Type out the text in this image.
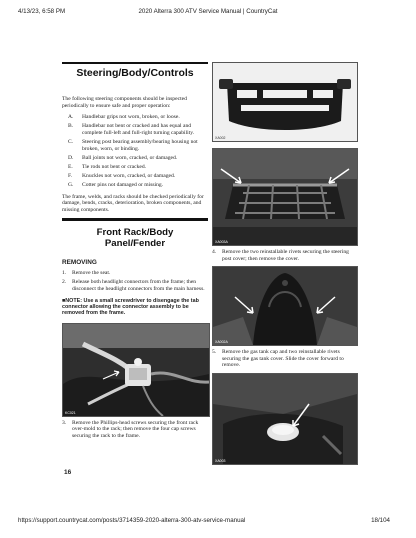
4/13/23, 6:58 PM	2020 Alterra 300 ATV Service Manual | CountryCat
Steering/Body/Controls

The following steering components should be inspected periodically to ensure safe and proper operation:

A.	Handlebar grips not worn, broken, or loose.
B.	Handlebar not bent or cracked and has equal and complete full-left and full-right turning capability.
C.	Steering post bearing assembly/bearing housing not broken, worn, or binding.
D.	Ball joints not worn, cracked, or damaged.
E.	Tie rods not bent or cracked.
F.	Knuckles not worn, cracked, or damaged.
G.	Cotter pins not damaged or missing.

The frame, welds, and racks should be checked periodically for damage, bends, cracks, deterioration, broken components, and missing components.

Front Rack/Body
Panel/Fender
REMOVING
1.	Remove the seat.
2.	Release both headlight connectors from the frame; then disconnect the headlight connectors from the main harness.
■NOTE: Use a small screwdriver to disengage the tab connector allowing the connector assembly to be removed from the frame.
KC021
3.	Remove the Phillips-head screws securing the front rack over-mold to the rack; then remove the four cap screws securing the rack to the frame.
XA002
XA003A
4.	Remove the two reinstallable rivets securing the steering post cover; then remove the cover.
XA002A
5.	Remove the gas tank cap and two reinstallable rivets securing the gas tank cover. Slide the cover forward to remove.
XA003
16
https://support.countrycat.com/posts/3714359-2020-alterra-300-atv-service-manual	18/104
